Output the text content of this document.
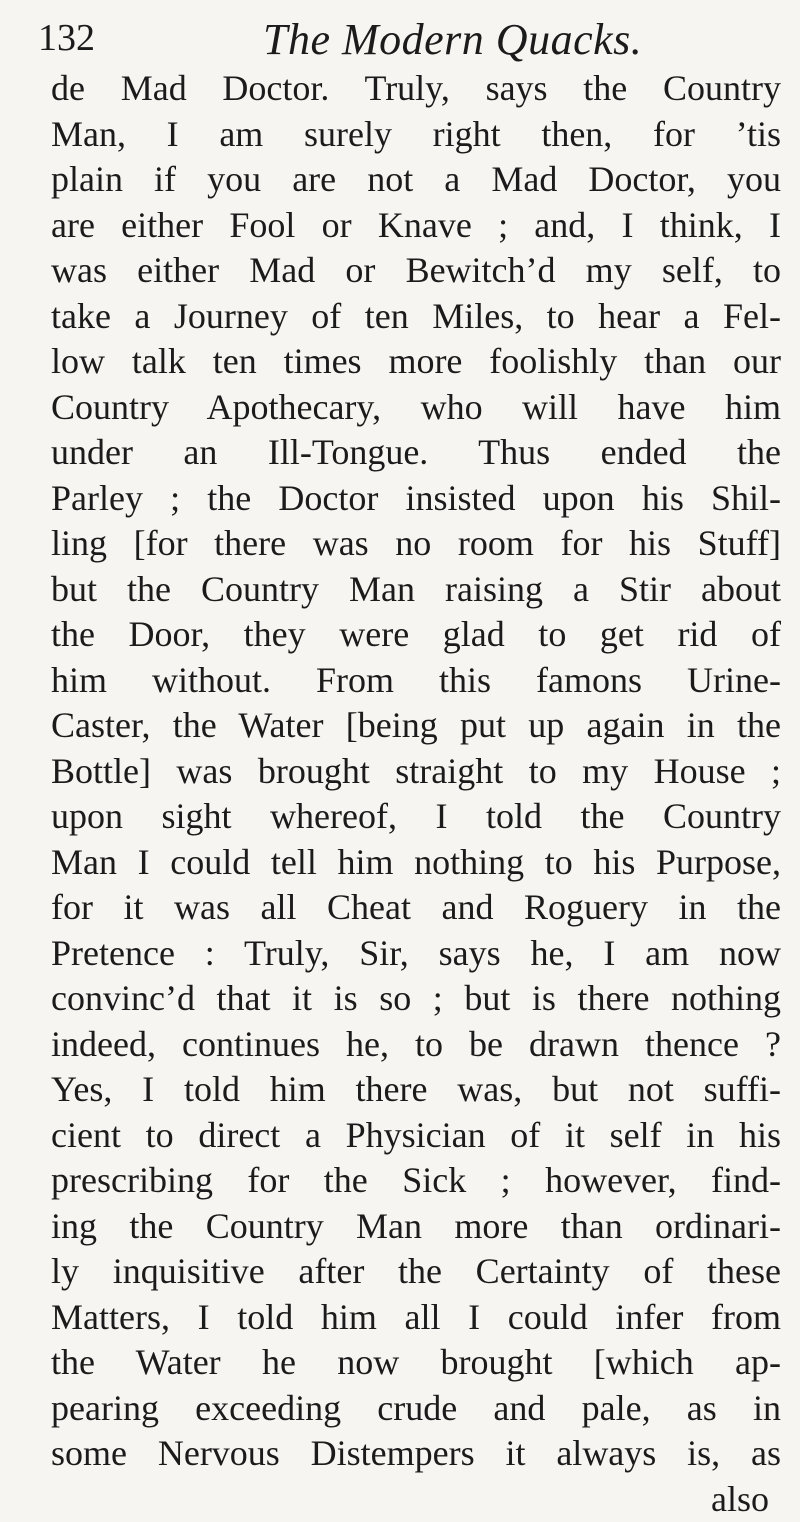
132	The Modern Quacks.
de Mad Doctor. Truly, says the Country
Man, I am surely right then, for ’tis
plain if you are not a Mad Doctor, you
are either Fool or Knave ; and, I think, I
was either Mad or Bewitch’d my self, to
take a Journey of ten Miles, to hear a Fel-
low talk ten times more foolishly than our
Country Apothecary, who will have him
under an Ill-Tongue. Thus ended the
Parley ; the Doctor insisted upon his Shil-
ling [for there was no room for his Stuff]
but the Country Man raising a Stir about
the Door, they were glad to get rid of
him without. From this famons Urine-
Caster, the Water [being put up again in the
Bottle] was brought straight to my House ;
upon sight whereof, I told the Country
Man I could tell him nothing to his Purpose,
for it was all Cheat and Roguery in the
Pretence : Truly, Sir, says he, I am now
convinc’d that it is so ; but is there nothing
indeed, continues he, to be drawn thence ?
Yes, I told him there was, but not suffi-
cient to direct a Physician of it self in his
prescribing for the Sick ; however, find-
ing the Country Man more than ordinari-
ly inquisitive after the Certainty of these
Matters, I told him all I could infer from
the Water he now brought [which ap-
pearing exceeding crude and pale, as in
some Nervous Distempers it always is, as
also
